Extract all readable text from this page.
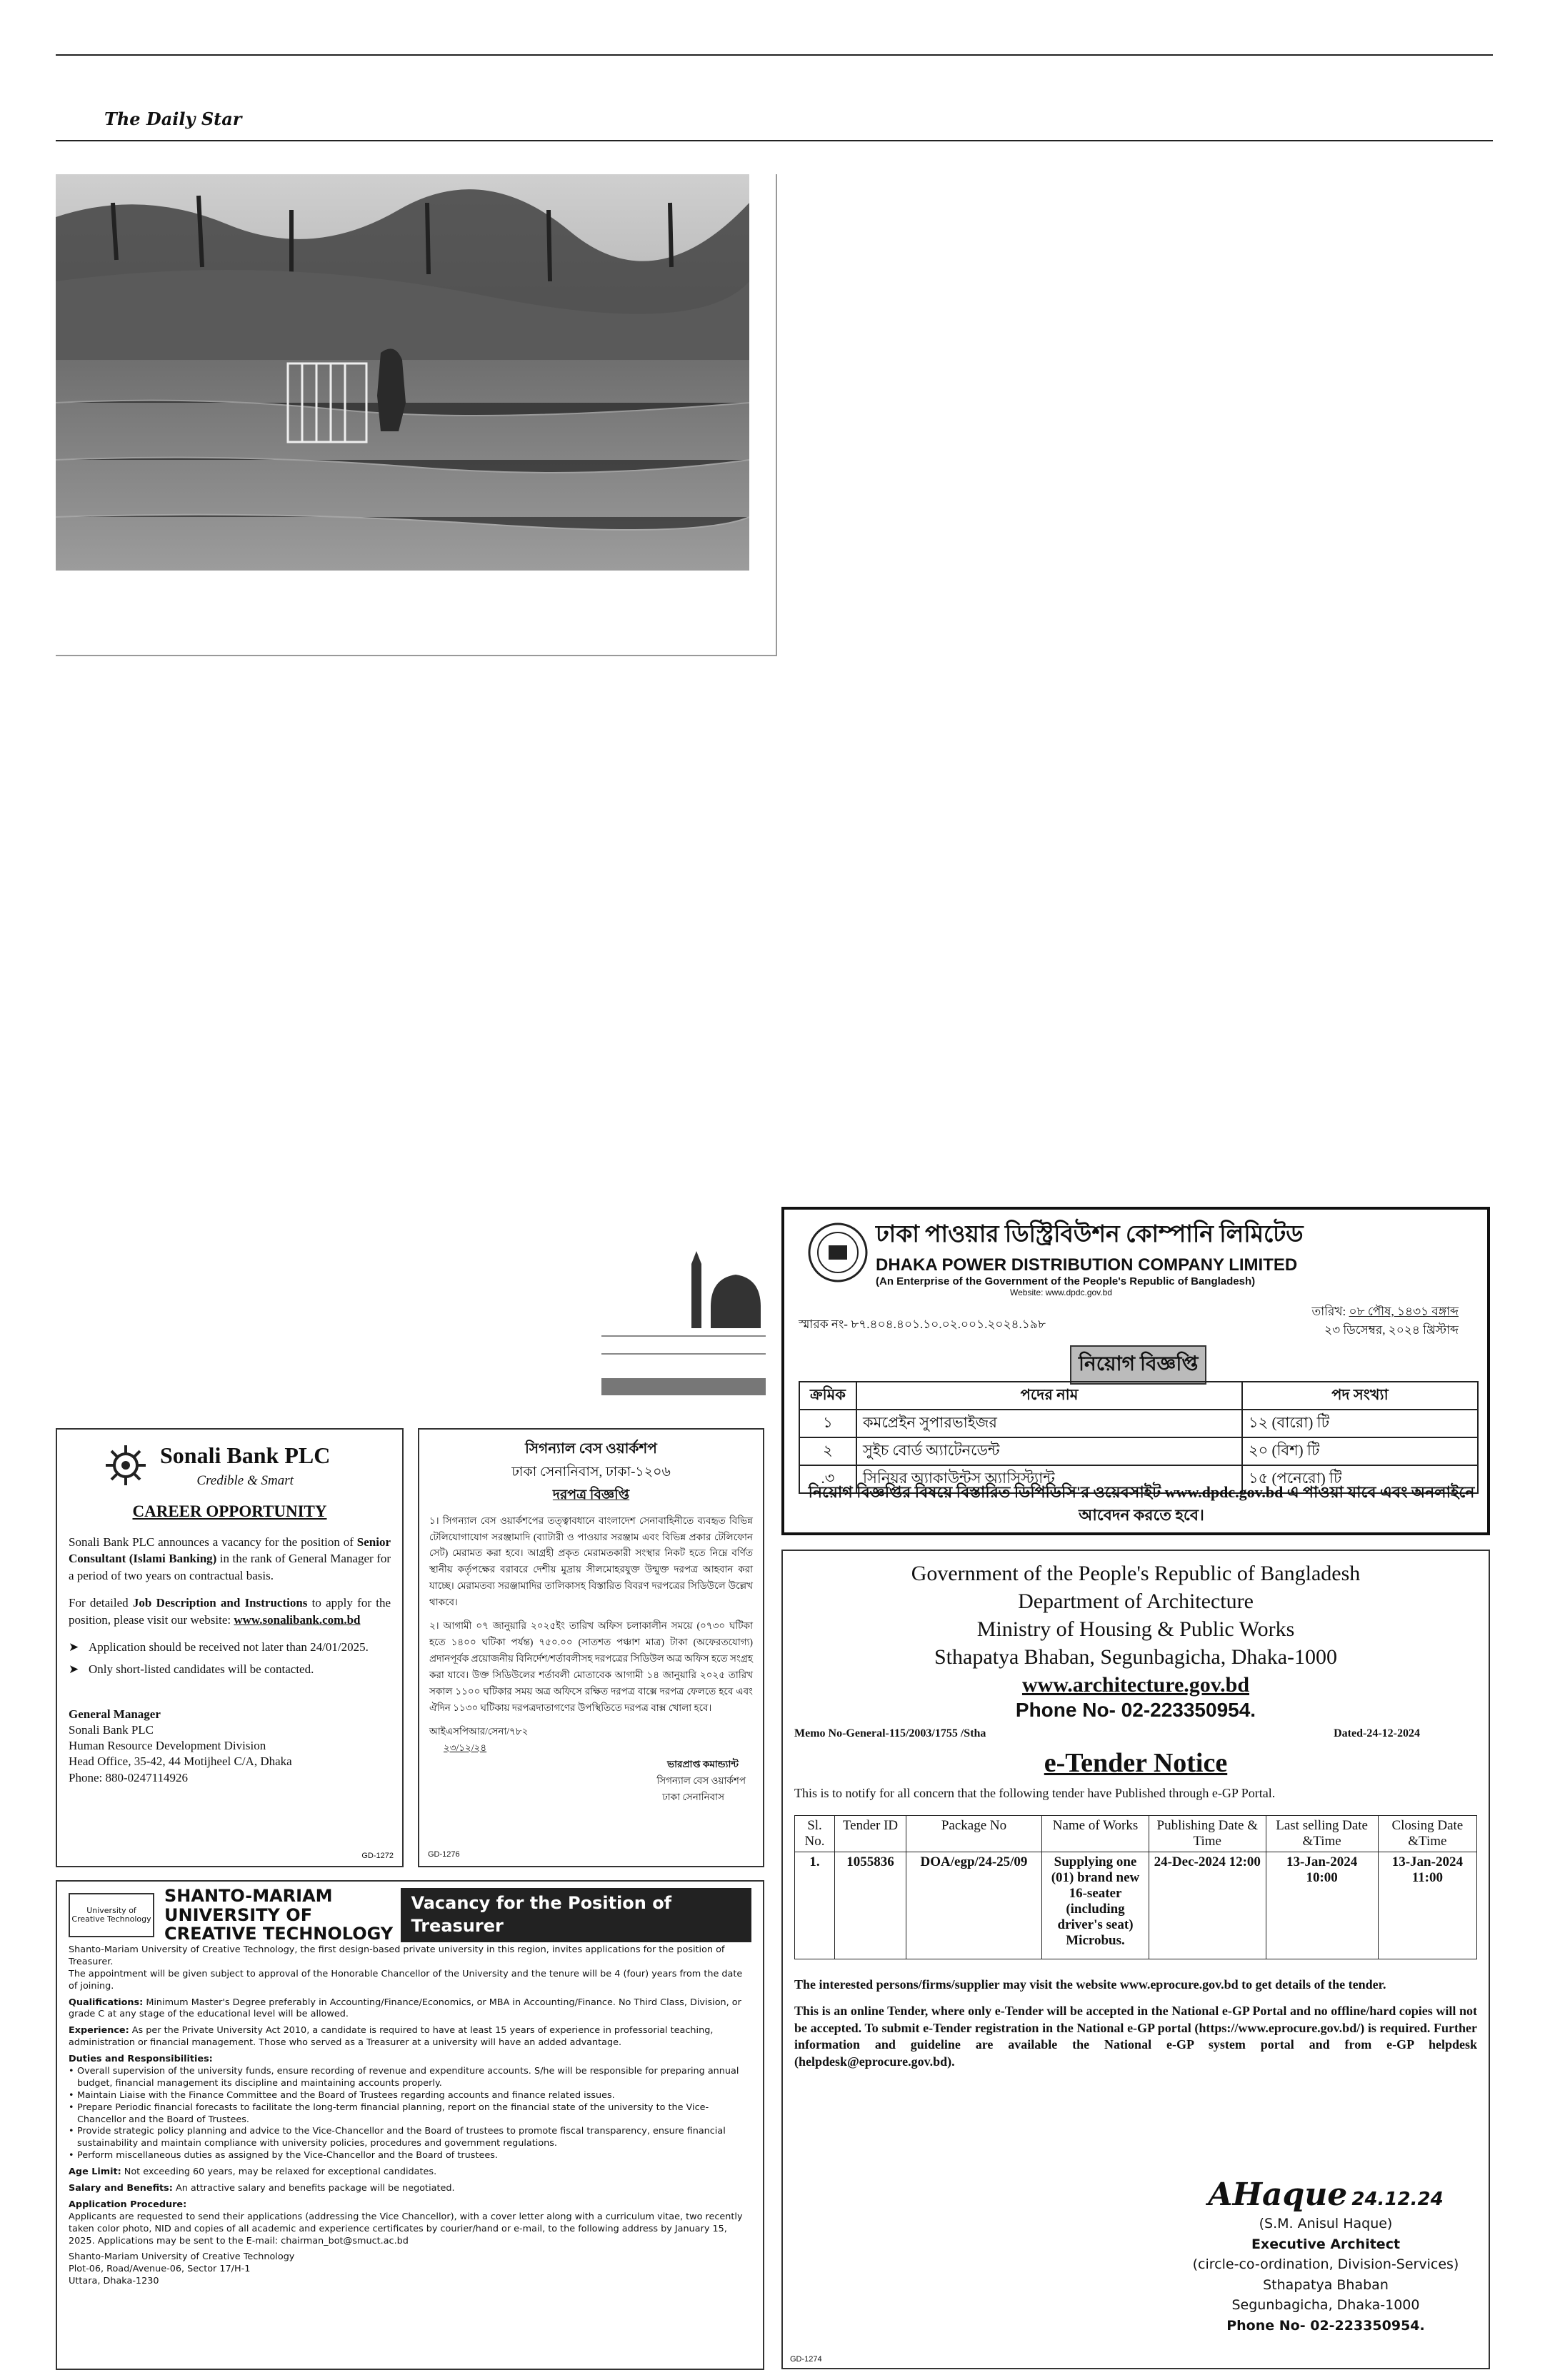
The Daily Star
Sonali Bank PLC
Credible & Smart
CAREER OPPORTUNITY

Sonali Bank PLC announces a vacancy for the position of Senior Consultant (Islami Banking) in the rank of General Manager for a period of two years on contractual basis.

For detailed Job Description and Instructions to apply for the position, please visit our website: www.sonalibank.com.bd

➤ Application should be received not later than 24/01/2025.
➤ Only short-listed candidates will be contacted.
General Manager
Sonali Bank PLC
Human Resource Development Division
Head Office, 35-42, 44 Motijheel C/A, Dhaka
Phone: 880-0247114926
GD-1272
সিগন্যাল বেস ওয়ার্কশপ
ঢাকা সেনানিবাস, ঢাকা-১২০৬
দরপত্র বিজ্ঞপ্তি

১। সিগন্যাল বেস ওয়ার্কশপের তত্ত্বাবধানে বাংলাদেশ সেনাবাহিনীতে ব্যবহৃত বিভিন্ন টেলিযোগাযোগ সরঞ্জামাদি (ব্যাটারী ও পাওয়ার সরঞ্জাম এবং বিভিন্ন প্রকার টেলিফোন সেট) মেরামত করা হবে। আগ্রহী প্রকৃত মেরামতকারী সংস্থার নিকট হতে নিম্নে বর্ণিত স্থানীয় কর্তৃপক্ষের বরাবরে দেশীয় মুদ্রায় সীলমোহরযুক্ত উন্মুক্ত দরপত্র আহবান করা যাচ্ছে। মেরামতব্য সরঞ্জামাদির তালিকাসহ বিস্তারিত বিবরণ দরপত্রের সিডিউলে উল্লেখ থাকবে।

২। আগামী ০৭ জানুয়ারি ২০২৫ইং তারিখ অফিস চলাকালীন সময়ে (০৭৩০ ঘটিকা হতে ১৪০০ ঘটিকা পর্যন্ত) ৭৫০.০০ (সাতশত পঞ্চাশ মাত্র) টাকা (অফেরতযোগ্য) প্রদানপূর্বক প্রয়োজনীয় বিনির্দেশ/শর্তাবলীসহ দরপত্রের সিডিউল অত্র অফিস হতে সংগ্রহ করা যাবে। উক্ত সিডিউলের শর্তাবলী মোতাবেক আগামী ১৪ জানুয়ারি ২০২৫ তারিখ সকাল ১১০০ ঘটিকার সময় অত্র অফিসে রক্ষিত দরপত্র বাক্সে দরপত্র ফেলতে হবে এবং ঐদিন ১১৩০ ঘটিকায় দরপত্রদাতাগণের উপস্থিতিতে দরপত্র বাক্স খোলা হবে।

আইএসপিআর/সেনা/৭৮২
২৩/১২/২৪
ভারপ্রাপ্ত কমান্ড্যান্ট
সিগন্যাল বেস ওয়ার্কশপ
ঢাকা সেনানিবাস
GD-1276
ঢাকা পাওয়ার ডিস্ট্রিবিউশন কোম্পানি লিমিটেড
DHAKA POWER DISTRIBUTION COMPANY LIMITED
(An Enterprise of the Government of the People's Republic of Bangladesh)
Website: www.dpdc.gov.bd
স্মারক নং- ৮৭.৪০৪.৪০১.১০.০২.০০১.২০২৪.১৯৮
তারিখ: ০৮ পৌষ, ১৪৩১ বঙ্গাব্দ
২৩ ডিসেম্বর, ২০২৪ খ্রিস্টাব্দ
নিয়োগ বিজ্ঞপ্তি
ক্রমিক	পদের নাম	পদ সংখ্যা
১	কমপ্রেইন সুপারভাইজর	১২ (বারো) টি
২	সুইচ বোর্ড অ্যাটেনডেন্ট	২০ (বিশ) টি
.৩	সিনিয়র অ্যাকাউন্টস অ্যাসিস্ট্যান্ট	১৫ (পনেরো) টি
নিয়োগ বিজ্ঞপ্তির বিষয়ে বিস্তারিত ডিপিডিসি'র ওয়েবসাইট www.dpdc.gov.bd এ পাওয়া যাবে এবং অনলাইনে আবেদন করতে হবে।
Government of the People's Republic of Bangladesh
Department of Architecture
Ministry of Housing & Public Works
Sthapatya Bhaban, Segunbagicha, Dhaka-1000
www.architecture.gov.bd
Phone No- 02-223350954.
Memo No-General-115/2003/1755 /Stha	Dated-24-12-2024
e-Tender Notice
This is to notify for all concern that the following tender have Published through e-GP Portal.
Sl. No.	Tender ID	Package No	Name of Works	Publishing Date & Time	Last selling Date &Time	Closing Date &Time
1.	1055836	DOA/egp/24-25/09	Supplying one (01) brand new 16-seater (including driver's seat) Microbus.	24-Dec-2024 12:00	13-Jan-2024 10:00	13-Jan-2024 11:00

The interested persons/firms/supplier may visit the website www.eprocure.gov.bd to get details of the tender.

This is an online Tender, where only e-Tender will be accepted in the National e-GP Portal and no offline/hard copies will not be accepted. To submit e-Tender registration in the National e-GP portal (https://www.eprocure.gov.bd/) is required. Further information and guideline are available the National e-GP system portal and from e-GP helpdesk (helpdesk@eprocure.gov.bd).

AHaque 24.12.24
(S.M. Anisul Haque)
Executive Architect
(circle-co-ordination, Division-Services)
Sthapatya Bhaban
Segunbagicha, Dhaka-1000
Phone No- 02-223350954.
GD-1274
University of Creative Technology
SHANTO-MARIAM UNIVERSITY OF CREATIVE TECHNOLOGY
Vacancy for the Position of Treasurer

Shanto-Mariam University of Creative Technology, the first design-based private university in this region, invites applications for the position of Treasurer.
The appointment will be given subject to approval of the Honorable Chancellor of the University and the tenure will be 4 (four) years from the date of joining.

Qualifications: Minimum Master's Degree preferably in Accounting/Finance/Economics, or MBA in Accounting/Finance. No Third Class, Division, or grade C at any stage of the educational level will be allowed.

Experience: As per the Private University Act 2010, a candidate is required to have at least 15 years of experience in professorial teaching, administration or financial management. Those who served as a Treasurer at a university will have an added advantage.

Duties and Responsibilities:

• Overall supervision of the university funds, ensure recording of revenue and expenditure accounts. S/he will be responsible for preparing annual budget, financial management its discipline and maintaining accounts properly.
• Maintain Liaise with the Finance Committee and the Board of Trustees regarding accounts and finance related issues.
• Prepare Periodic financial forecasts to facilitate the long-term financial planning, report on the financial state of the university to the Vice-Chancellor and the Board of Trustees.
• Provide strategic policy planning and advice to the Vice-Chancellor and the Board of trustees to promote fiscal transparency, ensure financial sustainability and maintain compliance with university policies, procedures and government regulations.
• Perform miscellaneous duties as assigned by the Vice-Chancellor and the Board of trustees.

Age Limit: Not exceeding 60 years, may be relaxed for exceptional candidates.

Salary and Benefits: An attractive salary and benefits package will be negotiated.

Application Procedure:
Applicants are requested to send their applications (addressing the Vice Chancellor), with a cover letter along with a curriculum vitae, two recently taken color photo, NID and copies of all academic and experience certificates by courier/hand or e-mail, to the following address by January 15, 2025. Applications may be sent to the E-mail: chairman_bot@smuct.ac.bd

Shanto-Mariam University of Creative Technology
Plot-06, Road/Avenue-06, Sector 17/H-1
Uttara, Dhaka-1230
